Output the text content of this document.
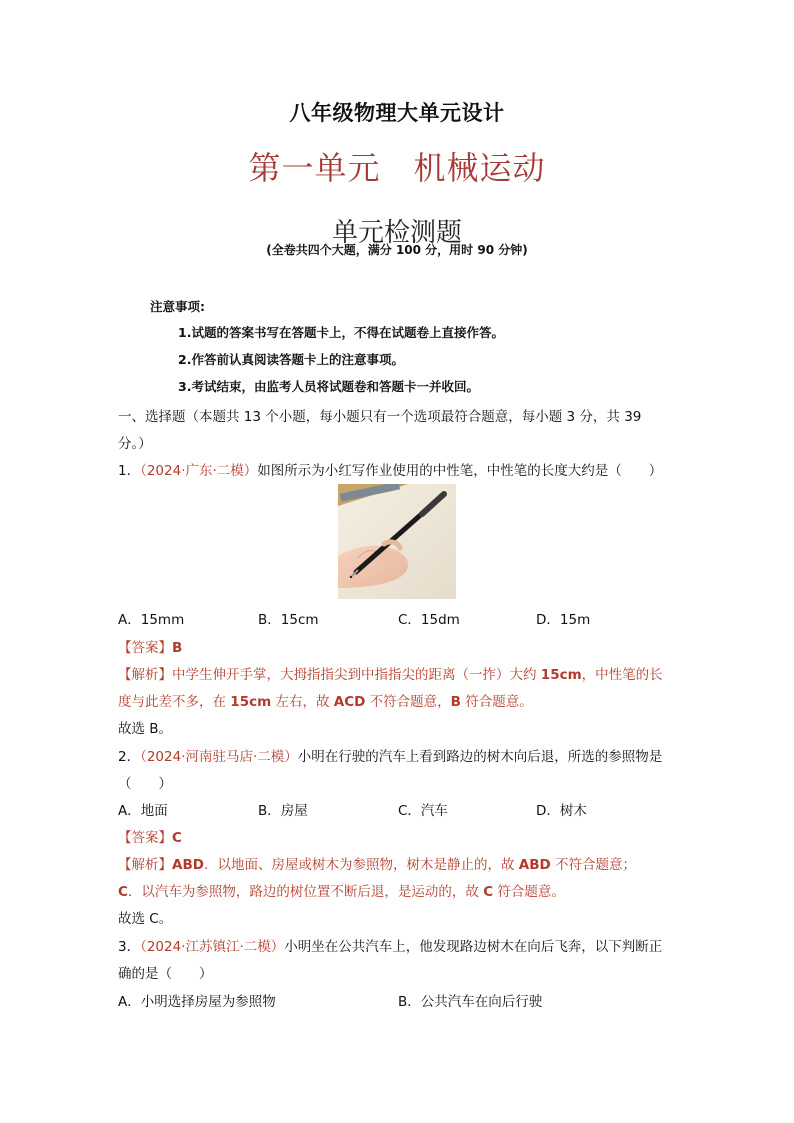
八年级物理大单元设计
第一单元　机械运动
单元检测题
(全卷共四个大题，满分 100 分，用时 90 分钟)
注意事项:
1.试题的答案书写在答题卡上，不得在试题卷上直接作答。
2.作答前认真阅读答题卡上的注意事项。
3.考试结束，由监考人员将试题卷和答题卡一并收回。
一、选择题（本题共 13 个小题，每小题只有一个选项最符合题意，每小题 3 分，共 39
分。）
1．（2024·广东·二模）如图所示为小红写作业使用的中性笔，中性笔的长度大约是（　　）
A．15mm	B．15cm	C．15dm	D．15m
【答案】B
【解析】中学生伸开手掌，大拇指指尖到中指指尖的距离（一拃）大约 15cm，中性笔的长
度与此差不多，在 15cm 左右，故 ACD 不符合题意，B 符合题意。
故选 B。
2．（2024·河南驻马店·二模）小明在行驶的汽车上看到路边的树木向后退，所选的参照物是
（　　）
A．地面	B．房屋	C．汽车	D．树木
【答案】C
【解析】ABD．以地面、房屋或树木为参照物，树木是静止的，故 ABD 不符合题意；
C．以汽车为参照物，路边的树位置不断后退，是运动的，故 C 符合题意。
故选 C。
3．（2024·江苏镇江·二模）小明坐在公共汽车上，他发现路边树木在向后飞奔，以下判断正
确的是（　　）
A．小明选择房屋为参照物	B．公共汽车在向后行驶
